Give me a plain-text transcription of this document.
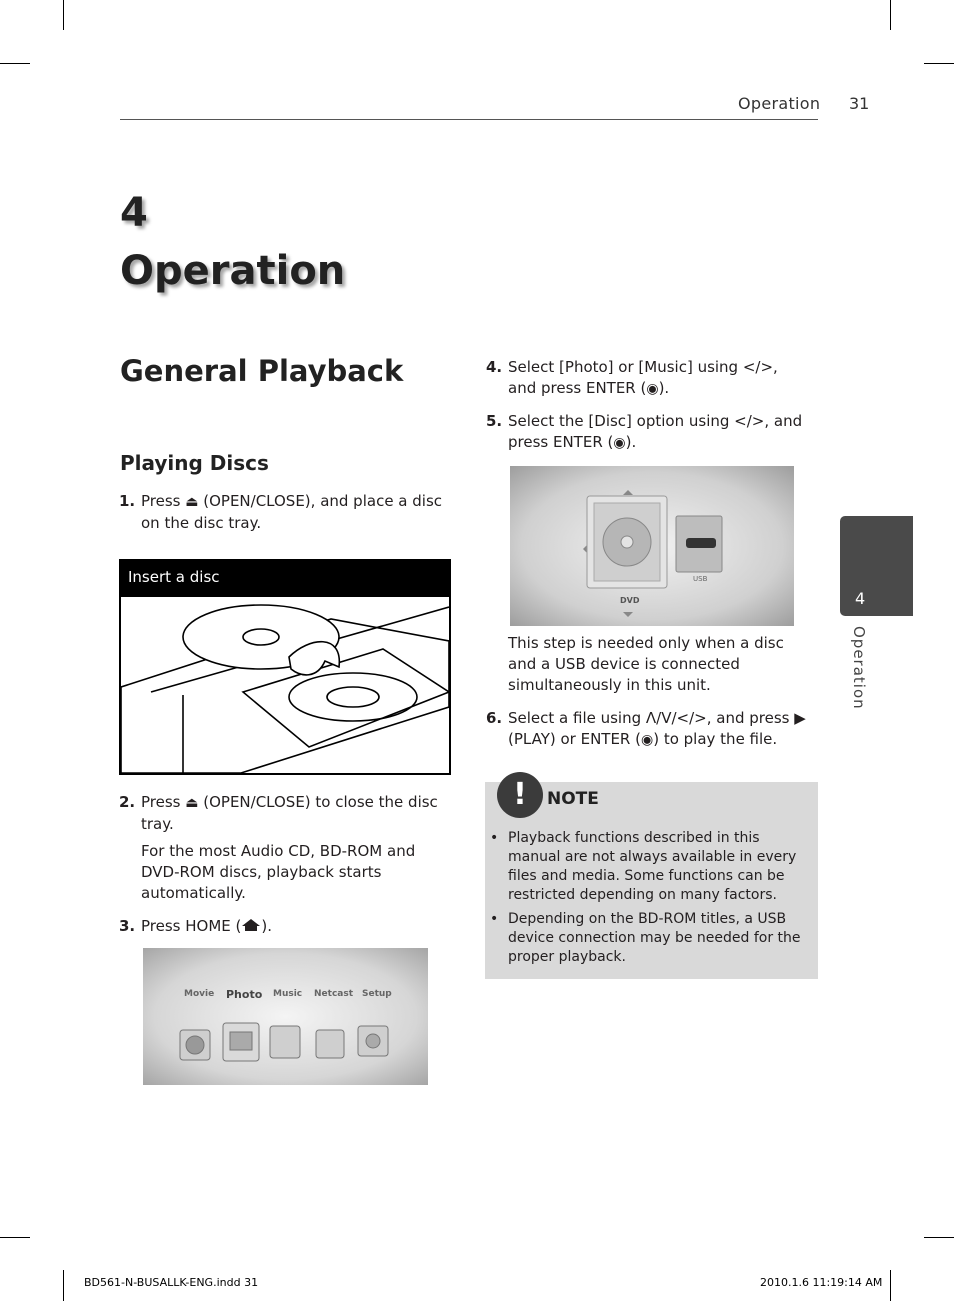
Operation 31
4
Operation
General Playback
Playing Discs
1. Press ⏏ (OPEN/CLOSE), and place a disc on the disc tray.
Insert a disc
2. Press ⏏ (OPEN/CLOSE) to close the disc tray.
For the most Audio CD, BD-ROM and DVD-ROM discs, playback starts automatically.
3. Press HOME ( ).
Movie Photo Music Netcast Setup
4. Select [Photo] or [Music] using </>, and press ENTER (◉).
5. Select the [Disc] option using </>, and press ENTER (◉).
DVD
USB
This step is needed only when a disc and a USB device is connected simultaneously in this unit.
6. Select a file using Λ/V/</>, and press ▶ (PLAY) or ENTER (◉) to play the file.
!	NOTE
• Playback functions described in this manual are not always available in every files and media. Some functions can be restricted depending on many factors.
• Depending on the BD-ROM titles, a USB device connection may be needed for the proper playback.
4
Operation
BD561-N-BUSALLK-ENG.indd 31	2010.1.6 11:19:14 AM
